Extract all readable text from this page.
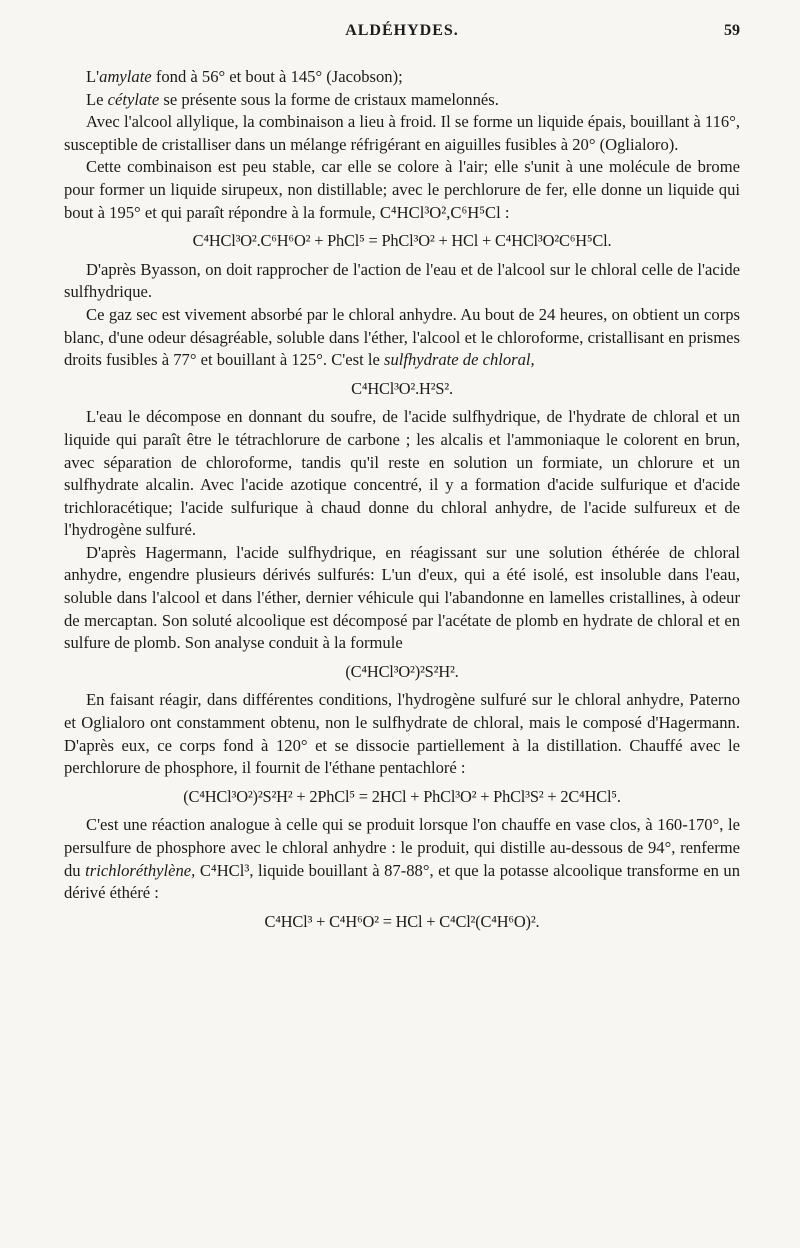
ALDÉHYDES.	59

L'amylate fond à 56° et bout à 145° (Jacobson);

Le cétylate se présente sous la forme de cristaux mamelonnés.

Avec l'alcool allylique, la combinaison a lieu à froid. Il se forme un liquide épais, bouillant à 116°, susceptible de cristalliser dans un mélange réfrigérant en aiguilles fusibles à 20° (Oglialoro).

Cette combinaison est peu stable, car elle se colore à l'air; elle s'unit à une molécule de brome pour former un liquide sirupeux, non distillable; avec le perchlorure de fer, elle donne un liquide qui bout à 195° et qui paraît répondre à la formule, C⁴HCl³O²,C⁶H⁵Cl :

C⁴HCl³O².C⁶H⁶O² + PhCl⁵ = PhCl³O² + HCl + C⁴HCl³O²C⁶H⁵Cl.

D'après Byasson, on doit rapprocher de l'action de l'eau et de l'alcool sur le chloral celle de l'acide sulfhydrique.

Ce gaz sec est vivement absorbé par le chloral anhydre. Au bout de 24 heures, on obtient un corps blanc, d'une odeur désagréable, soluble dans l'éther, l'alcool et le chloroforme, cristallisant en prismes droits fusibles à 77° et bouillant à 125°. C'est le sulfhydrate de chloral,

C⁴HCl³O².H²S².

L'eau le décompose en donnant du soufre, de l'acide sulfhydrique, de l'hydrate de chloral et un liquide qui paraît être le tétrachlorure de carbone ; les alcalis et l'ammoniaque le colorent en brun, avec séparation de chloroforme, tandis qu'il reste en solution un formiate, un chlorure et un sulfhydrate alcalin. Avec l'acide azotique concentré, il y a formation d'acide sulfurique et d'acide trichloracétique; l'acide sulfurique à chaud donne du chloral anhydre, de l'acide sulfureux et de l'hydrogène sulfuré.

D'après Hagermann, l'acide sulfhydrique, en réagissant sur une solution éthérée de chloral anhydre, engendre plusieurs dérivés sulfurés: L'un d'eux, qui a été isolé, est insoluble dans l'eau, soluble dans l'alcool et dans l'éther, dernier véhicule qui l'abandonne en lamelles cristallines, à odeur de mercaptan. Son soluté alcoolique est décomposé par l'acétate de plomb en hydrate de chloral et en sulfure de plomb. Son analyse conduit à la formule

(C⁴HCl³O²)²S²H².

En faisant réagir, dans différentes conditions, l'hydrogène sulfuré sur le chloral anhydre, Paterno et Oglialoro ont constamment obtenu, non le sulfhydrate de chloral, mais le composé d'Hagermann. D'après eux, ce corps fond à 120° et se dissocie partiellement à la distillation. Chauffé avec le perchlorure de phosphore, il fournit de l'éthane pentachloré :

(C⁴HCl³O²)²S²H² + 2PhCl⁵ = 2HCl + PhCl³O² + PhCl³S² + 2C⁴HCl⁵.

C'est une réaction analogue à celle qui se produit lorsque l'on chauffe en vase clos, à 160-170°, le persulfure de phosphore avec le chloral anhydre : le produit, qui distille au-dessous de 94°, renferme du trichloréthylène, C⁴HCl³, liquide bouillant à 87-88°, et que la potasse alcoolique transforme en un dérivé éthéré :

C⁴HCl³ + C⁴H⁶O² = HCl + C⁴Cl²(C⁴H⁶O)².
